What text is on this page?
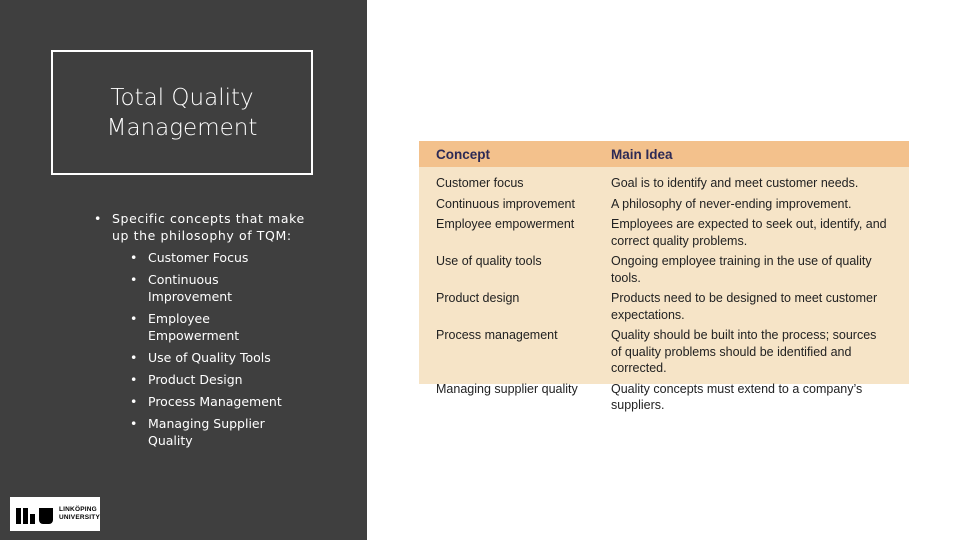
Total Quality
Management
• Specific concepts that make up the philosophy of TQM:
• Customer Focus
• Continuous Improvement
• Employee Empowerment
• Use of Quality Tools
• Product Design
• Process Management
• Managing Supplier Quality
LINKÖPING
UNIVERSITY
Concept	Main Idea
Customer focus	Goal is to identify and meet customer needs.
Continuous improvement	A philosophy of never-ending improvement.
Employee empowerment	Employees are expected to seek out, identify, and correct quality problems.
Use of quality tools	Ongoing employee training in the use of quality tools.
Product design	Products need to be designed to meet customer expectations.
Process management	Quality should be built into the process; sources of quality problems should be identified and corrected.
Managing supplier quality	Quality concepts must extend to a company’s suppliers.
